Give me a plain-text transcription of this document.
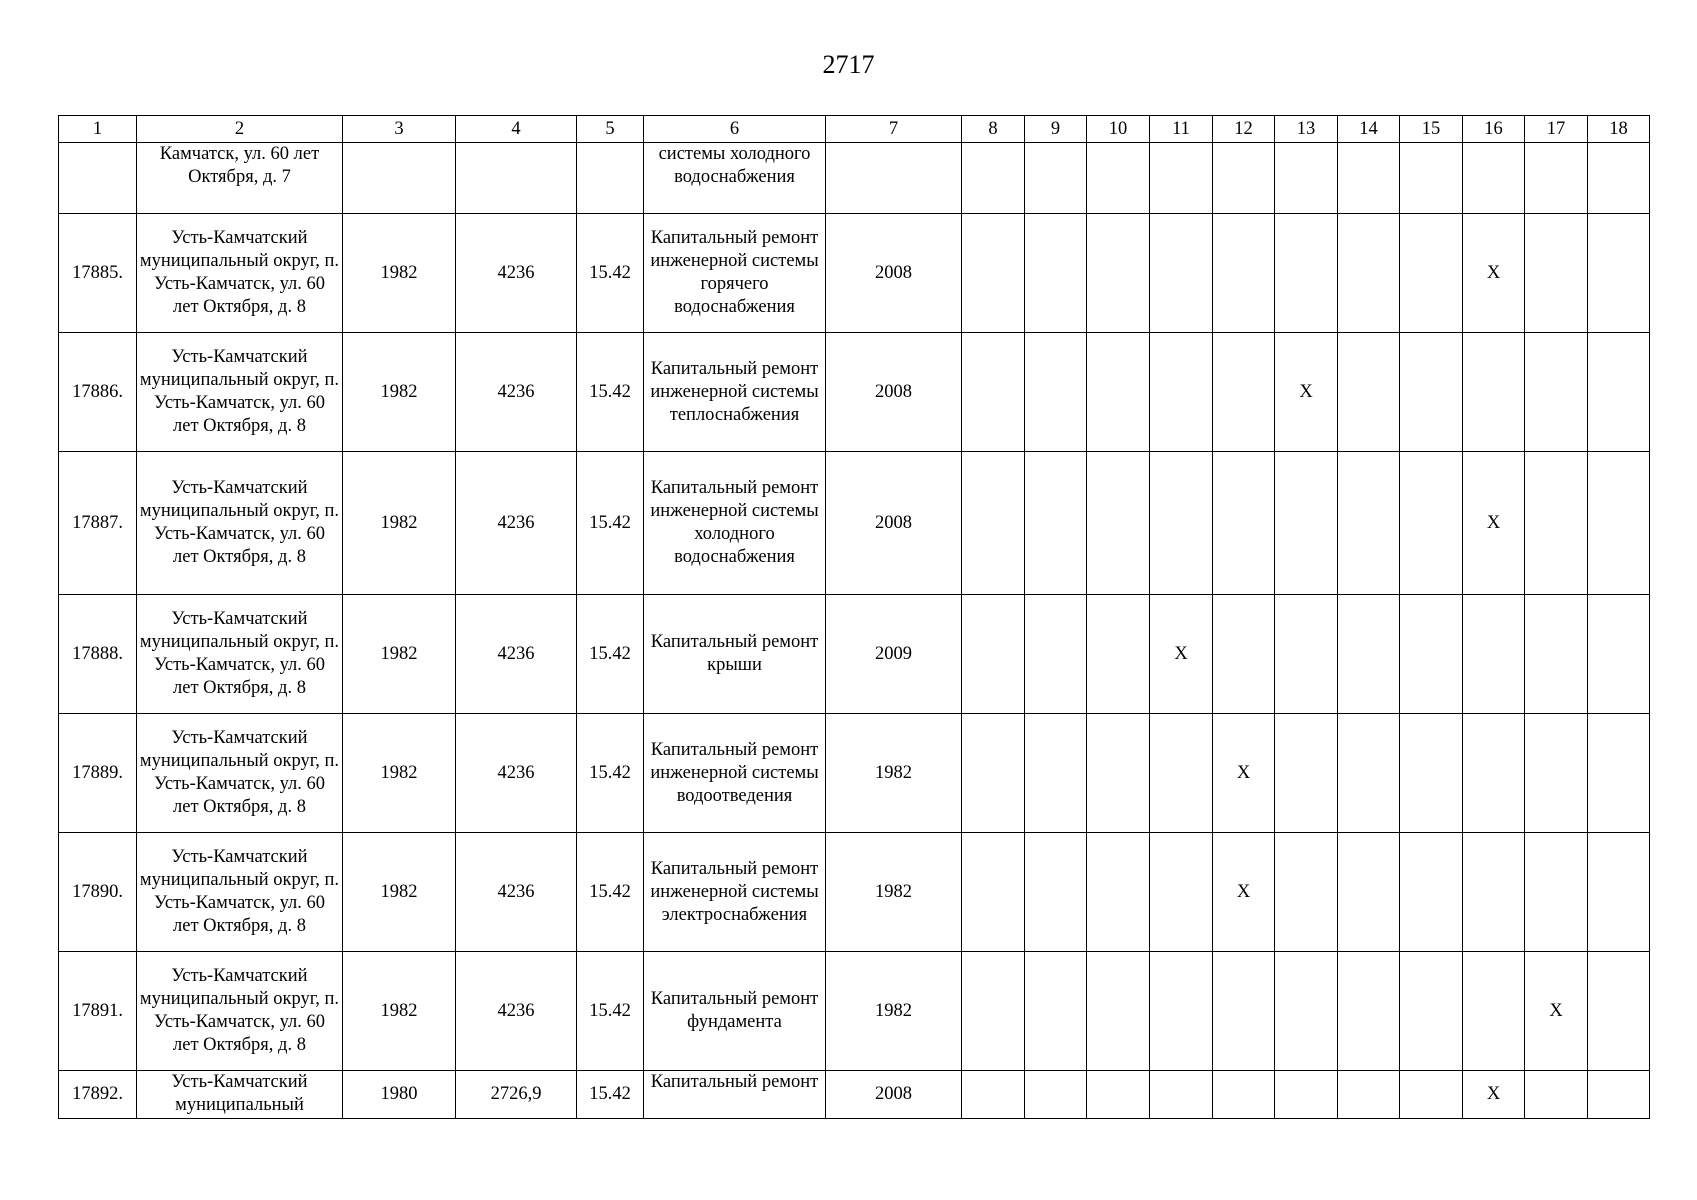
2717
1	2	3	4	5	6	7	8	9	10	11	12	13	14	15	16	17	18
	Камчатск, ул. 60 лет Октября, д. 7				системы холодного водоснабжения												
17885.	Усть-Камчатский муниципальный округ, п. Усть-Камчатск, ул. 60 лет Октября, д. 8	1982	4236	15.42	Капитальный ремонт инженерной системы горячего водоснабжения	2008									X		
17886.	Усть-Камчатский муниципальный округ, п. Усть-Камчатск, ул. 60 лет Октября, д. 8	1982	4236	15.42	Капитальный ремонт инженерной системы теплоснабжения	2008						X					
17887.	Усть-Камчатский муниципальный округ, п. Усть-Камчатск, ул. 60 лет Октября, д. 8	1982	4236	15.42	Капитальный ремонт инженерной системы холодного водоснабжения	2008									X		
17888.	Усть-Камчатский муниципальный округ, п. Усть-Камчатск, ул. 60 лет Октября, д. 8	1982	4236	15.42	Капитальный ремонт крыши	2009				X							
17889.	Усть-Камчатский муниципальный округ, п. Усть-Камчатск, ул. 60 лет Октября, д. 8	1982	4236	15.42	Капитальный ремонт инженерной системы водоотведения	1982					X						
17890.	Усть-Камчатский муниципальный округ, п. Усть-Камчатск, ул. 60 лет Октября, д. 8	1982	4236	15.42	Капитальный ремонт инженерной системы электроснабжения	1982					X						
17891.	Усть-Камчатский муниципальный округ, п. Усть-Камчатск, ул. 60 лет Октября, д. 8	1982	4236	15.42	Капитальный ремонт фундамента	1982										X	
17892.	Усть-Камчатский муниципальный	1980	2726,9	15.42	Капитальный ремонт	2008									X		
